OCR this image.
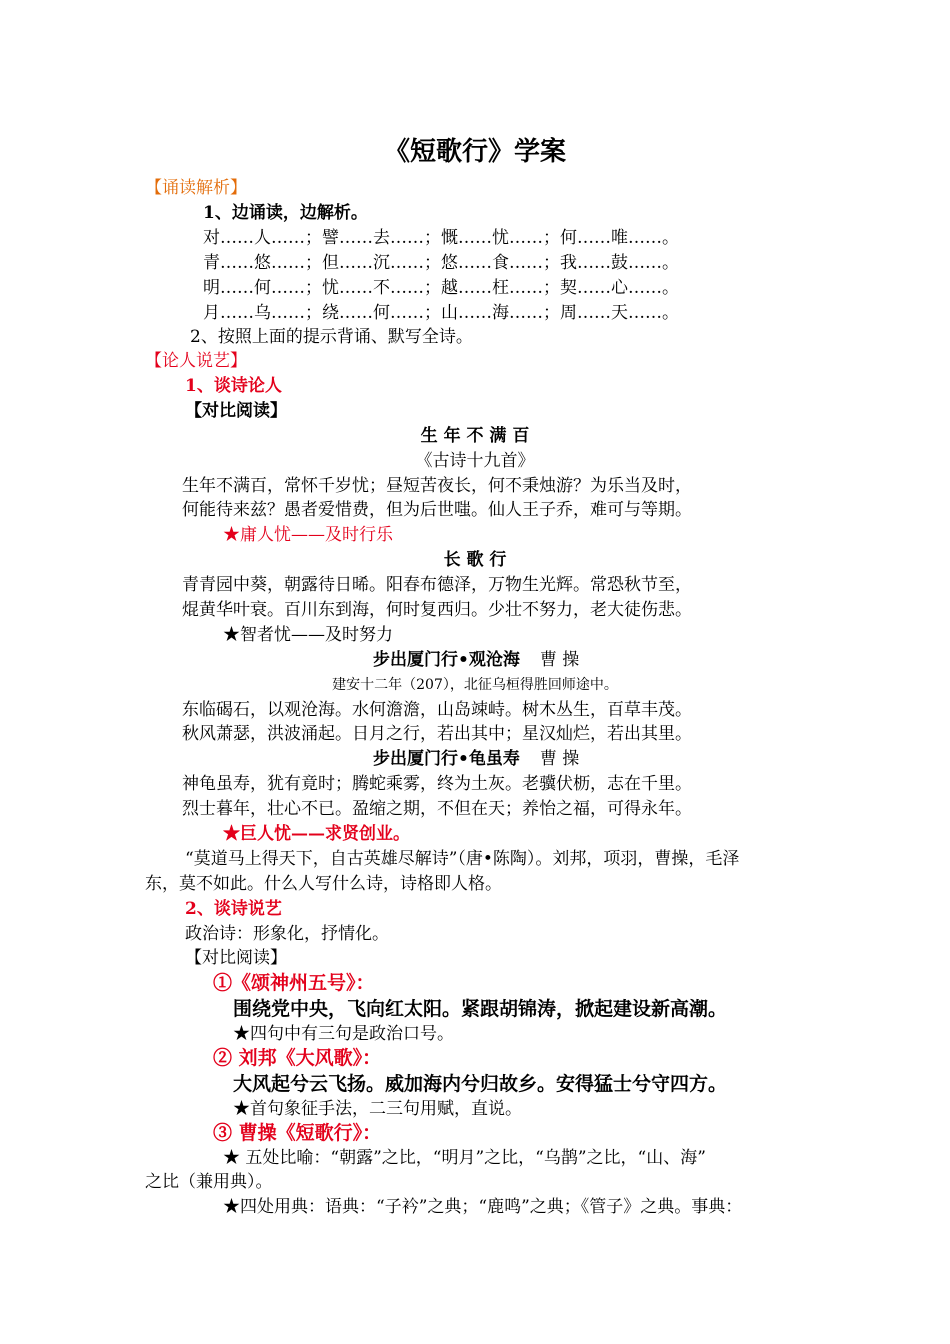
《短歌行》学案
【诵读解析】
1、边诵读，边解析。
对……人……；譬……去……；慨……忧……；何……唯……。
青……悠……；但……沉……；悠……食……；我……鼓……。
明……何……；忧……不……；越……枉……；契……心……。
月……乌……；绕……何……；山……海……；周……天……。
2、按照上面的提示背诵、默写全诗。
【论人说艺】
1、谈诗论人
【对比阅读】
生 年 不 满 百
《古诗十九首》
生年不满百，常怀千岁忧；昼短苦夜长，何不秉烛游？为乐当及时，
何能待来兹？愚者爱惜费，但为后世嗤。仙人王子乔，难可与等期。
★庸人忧——及时行乐
长 歌 行
青青园中葵，朝露待日晞。阳春布德泽，万物生光辉。常恐秋节至，
焜黄华叶衰。百川东到海，何时复西归。少壮不努力，老大徒伤悲。
★智者忧——及时努力
步出厦门行•观沧海 曹 操
建安十二年（207），北征乌桓得胜回师途中。
东临碣石，以观沧海。水何澹澹，山岛竦峙。树木丛生，百草丰茂。
秋风萧瑟，洪波涌起。日月之行，若出其中；星汉灿烂，若出其里。
步出厦门行•龟虽寿 曹 操
神龟虽寿，犹有竟时；腾蛇乘雾，终为土灰。老骥伏枥，志在千里。
烈士暮年，壮心不已。盈缩之期，不但在天；养怡之福，可得永年。
★巨人忧——求贤创业。
“莫道马上得天下，自古英雄尽解诗”（唐•陈陶）。刘邦，项羽，曹操，毛泽
东，莫不如此。什么人写什么诗，诗格即人格。
2、谈诗说艺
政治诗：形象化，抒情化。
【对比阅读】
①《颂神州五号》：
围绕党中央，飞向红太阳。紧跟胡锦涛，掀起建设新高潮。
★四句中有三句是政治口号。
② 刘邦《大风歌》：
大风起兮云飞扬。威加海内兮归故乡。安得猛士兮守四方。
★首句象征手法，二三句用赋，直说。
③ 曹操《短歌行》：
★ 五处比喻：“朝露”之比，“明月”之比，“乌鹊”之比，“山、海”
之比（兼用典）。
★四处用典：语典：“子衿”之典；“鹿鸣”之典；《管子》之典。事典：
